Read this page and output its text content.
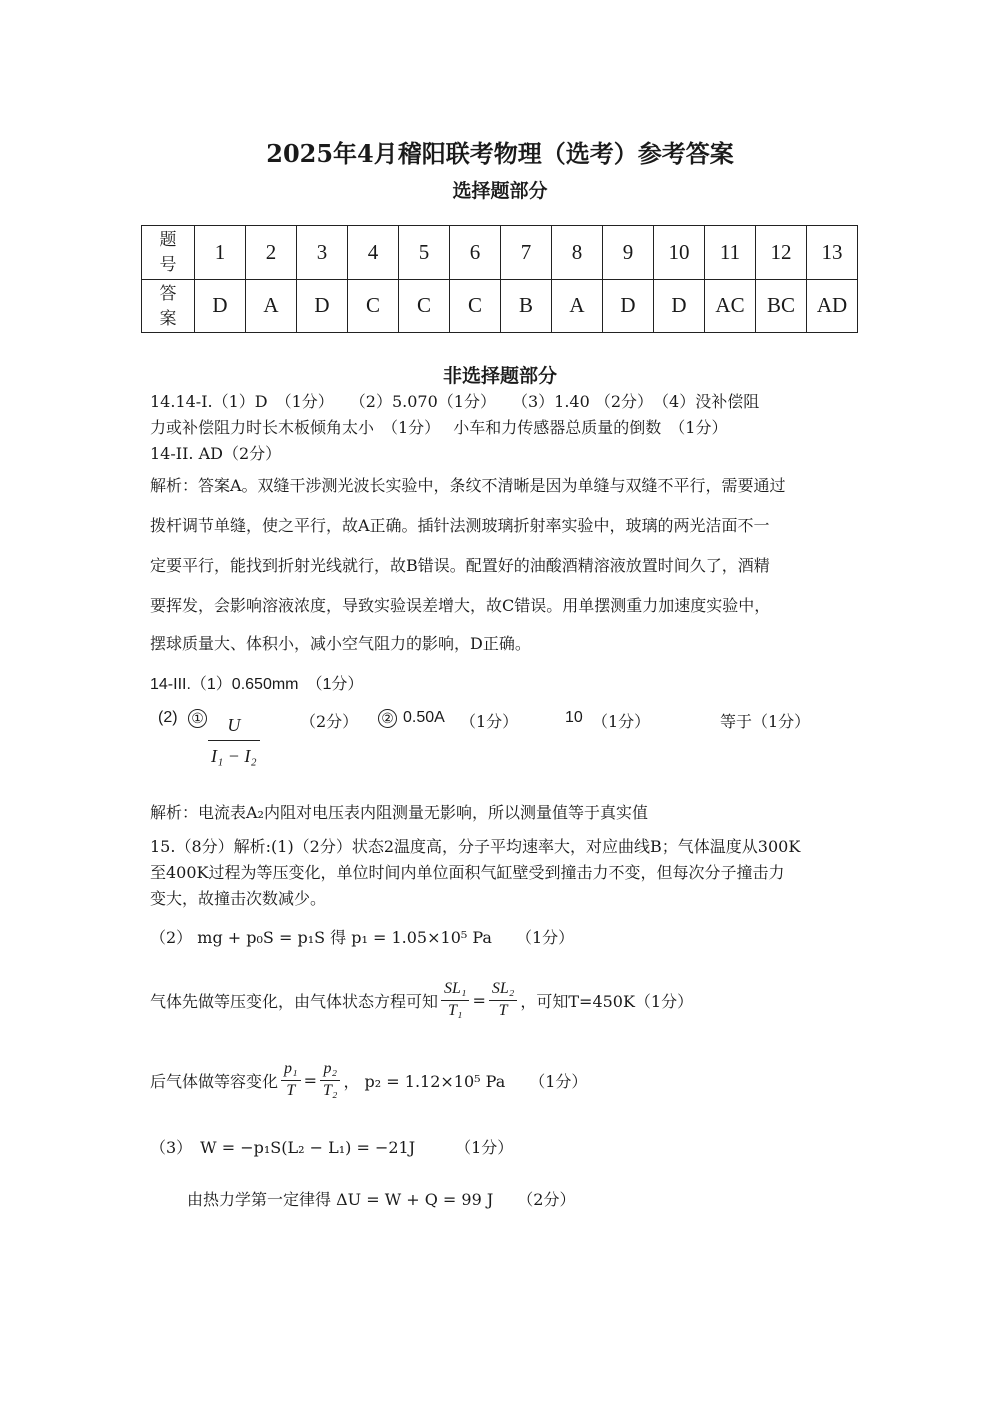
2025年4月稽阳联考物理（选考）参考答案
选择题部分
题号	1	2	3	4	5	6	7	8	9	10	11	12	13
答案	D	A	D	C	C	C	B	A	D	D	AC	BC	AD
非选择题部分
14.14-I.（1）D　（1分）　　（2）5.070（1分）　　（3）1.40 （2分）　（4）没补偿阻
力或补偿阻力时长木板倾角太小　（1分）　 小车和力传感器总质量的倒数　（1分）
14-II. AD（2分）
解析：答案A。双缝干涉测光波长实验中，条纹不清晰是因为单缝与双缝不平行，需要通过
拨杆调节单缝，使之平行，故A正确。插针法测玻璃折射率实验中，玻璃的两光洁面不一
定要平行，能找到折射光线就行，故B错误。配置好的油酸酒精溶液放置时间久了，酒精
要挥发，会影响溶液浓度，导致实验误差增大，故C错误。用单摆测重力加速度实验中，
摆球质量大、体积小，减小空气阻力的影响，D正确。
14-III.（1）0.650mm　（1分）
(2) ① $\frac{U}{\text{I₁ − I₂}}$	（2分） ② 0.50A （1分）	10 （1分）	等于（1分）
解析：电流表A₂内阻对电压表内阻测量无影响，所以测量值等于真实值
15.（8分）解析:(1)（2分）状态2温度高，分子平均速率大，对应曲线B；气体温度从300K
至400K过程为等压变化，单位时间内单位面积气缸壁受到撞击力不变，但每次分子撞击力
变大，故撞击次数减少。
（2） mg + p₀S = p₁S 得 p₁ = 1.05×10⁵ Pa　　（1分）
气体先做等压变化，由气体状态方程可知 $\frac{\text{SL₁}}{\text{T₁}} = \frac{\text{SL₂}}{T}$ ，可知T=450K（1分）
后气体做等容变化 $\frac{\text{p₁}}{T} = \frac{\text{p₂}}{\text{T₂}}$ ， p₂ = 1.12×10⁵ Pa　　（1分）
（3）　W = −p₁S(L₂ − L₁) = −21J　　　（1分）
由热力学第一定律得 ΔU = W + Q = 99 J　　（2分）
